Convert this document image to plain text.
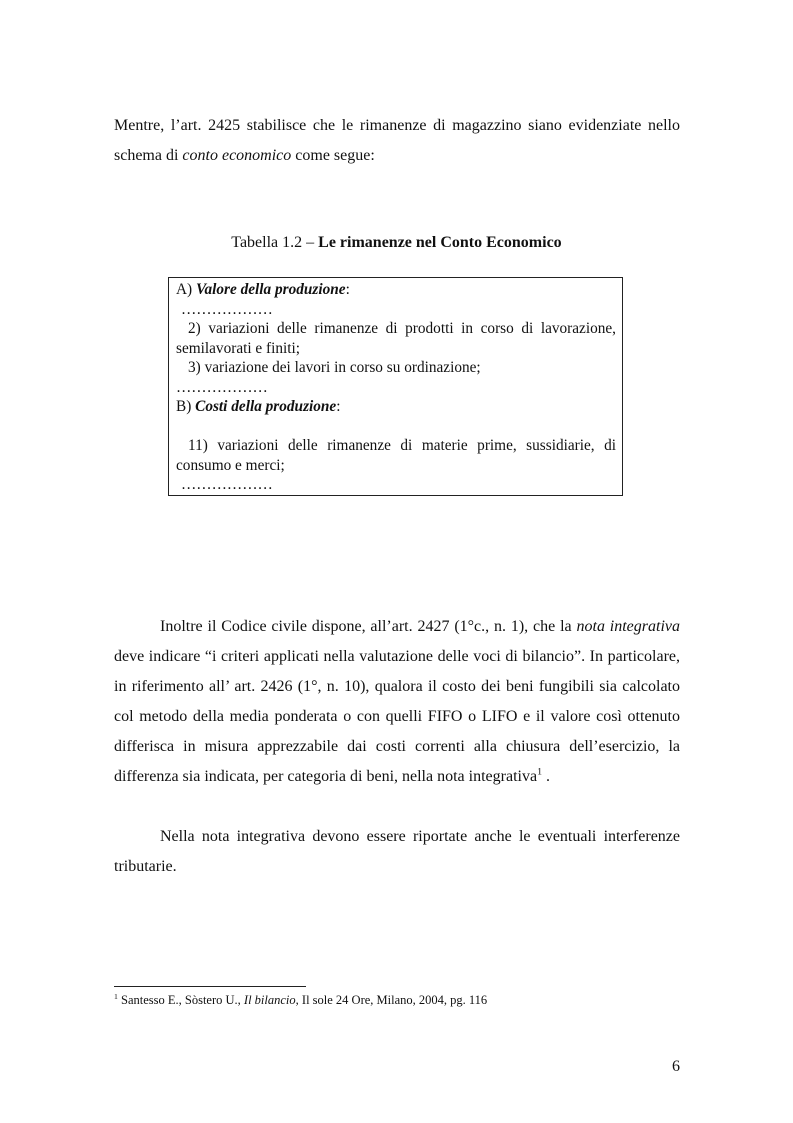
Mentre, l’art. 2425 stabilisce che le rimanenze di magazzino siano evidenziate nello schema di conto economico come segue:

Tabella 1.2 – Le rimanenze nel Conto Economico

A) Valore della produzione:

………………

2) variazioni delle rimanenze di prodotti in corso di lavorazione, semilavorati e finiti;

3) variazione dei lavori in corso su ordinazione;

………………

B) Costi della produzione:

11) variazioni delle rimanenze di materie prime, sussidiarie, di consumo e merci;

………………

Inoltre il Codice civile dispone, all’art. 2427 (1°c., n. 1), che la nota integrativa deve indicare “i criteri applicati nella valutazione delle voci di bilancio”. In particolare, in riferimento all’ art. 2426 (1°, n. 10), qualora il costo dei beni fungibili sia calcolato col metodo della media ponderata o con quelli FIFO o LIFO e il valore così ottenuto differisca in misura apprezzabile dai costi correnti alla chiusura dell’esercizio, la differenza sia indicata, per categoria di beni, nella nota integrativa$^1$ .

Nella nota integrativa devono essere riportate anche le eventuali interferenze tributarie.

$^1$ Santesso E., Sòstero U., Il bilancio, Il sole 24 Ore, Milano, 2004, pg. 116

6
